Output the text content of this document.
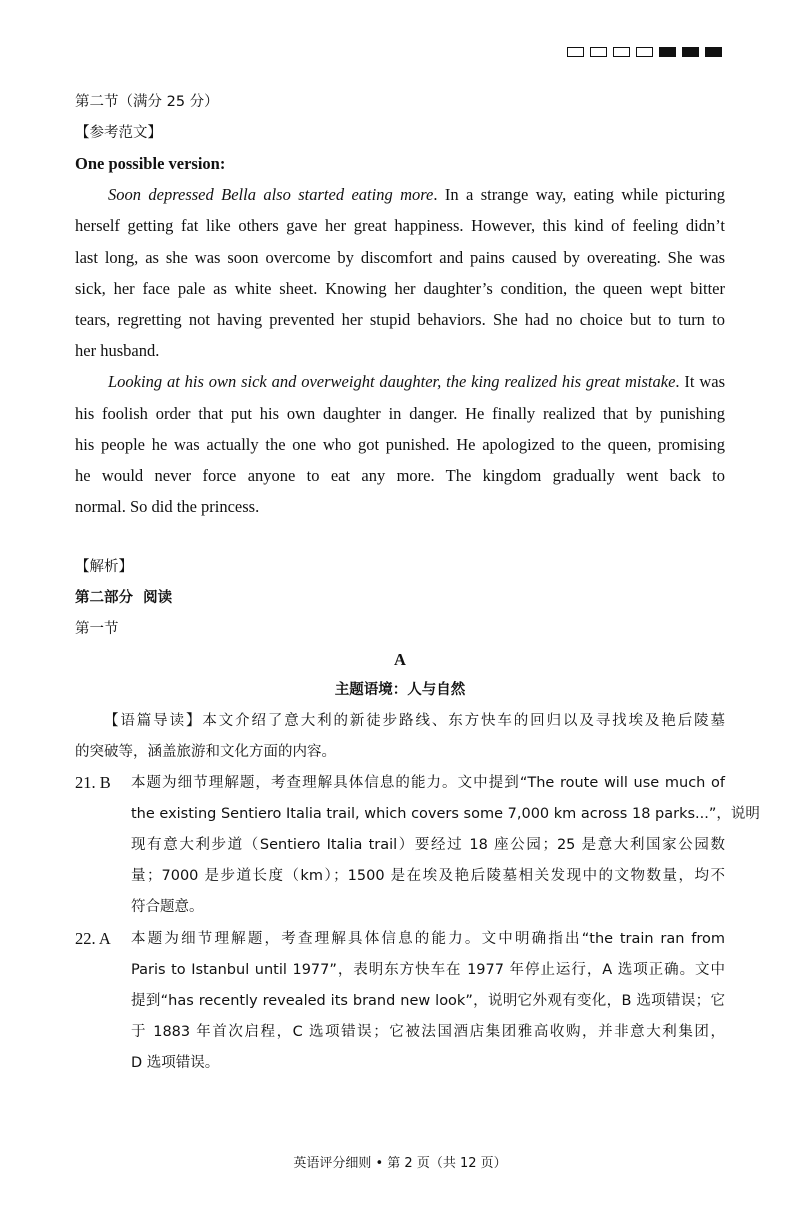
第二节（满分 25 分）
【参考范文】
One possible version:
Soon depressed Bella also started eating more. In a strange way, eating while picturing
herself getting fat like others gave her great happiness. However, this kind of feeling didn’t
last long, as she was soon overcome by discomfort and pains caused by overeating. She was
sick, her face pale as white sheet. Knowing her daughter’s condition, the queen wept bitter
tears, regretting not having prevented her stupid behaviors. She had no choice but to turn to
her husband.
Looking at his own sick and overweight daughter, the king realized his great mistake. It was
his foolish order that put his own daughter in danger. He finally realized that by punishing
his people he was actually the one who got punished. He apologized to the queen, promising
he would never force anyone to eat any more. The kingdom gradually went back to
normal. So did the princess.
【解析】
第二部分  阅读
第一节
A
主题语境：人与自然
【语篇导读】本文介绍了意大利的新徒步路线、东方快车的回归以及寻找埃及艳后陵墓
的突破等，涵盖旅游和文化方面的内容。
21. B 本题为细节理解题，考查理解具体信息的能力。文中提到“The route will use much of
the existing Sentiero Italia trail, which covers some 7,000 km across 18 parks...”，说明
现有意大利步道（Sentiero Italia trail）要经过 18 座公园；25 是意大利国家公园数
量；7000 是步道长度（km）；1500 是在埃及艳后陵墓相关发现中的文物数量，均不
符合题意。
22. A 本题为细节理解题，考查理解具体信息的能力。文中明确指出“the train ran from
Paris to Istanbul until 1977”，表明东方快车在 1977 年停止运行，A 选项正确。文中
提到“has recently revealed its brand new look”，说明它外观有变化，B 选项错误；它
于 1883 年首次启程，C 选项错误；它被法国酒店集团雅高收购，并非意大利集团，
D 选项错误。
英语评分细则 • 第 2 页（共 12 页）
